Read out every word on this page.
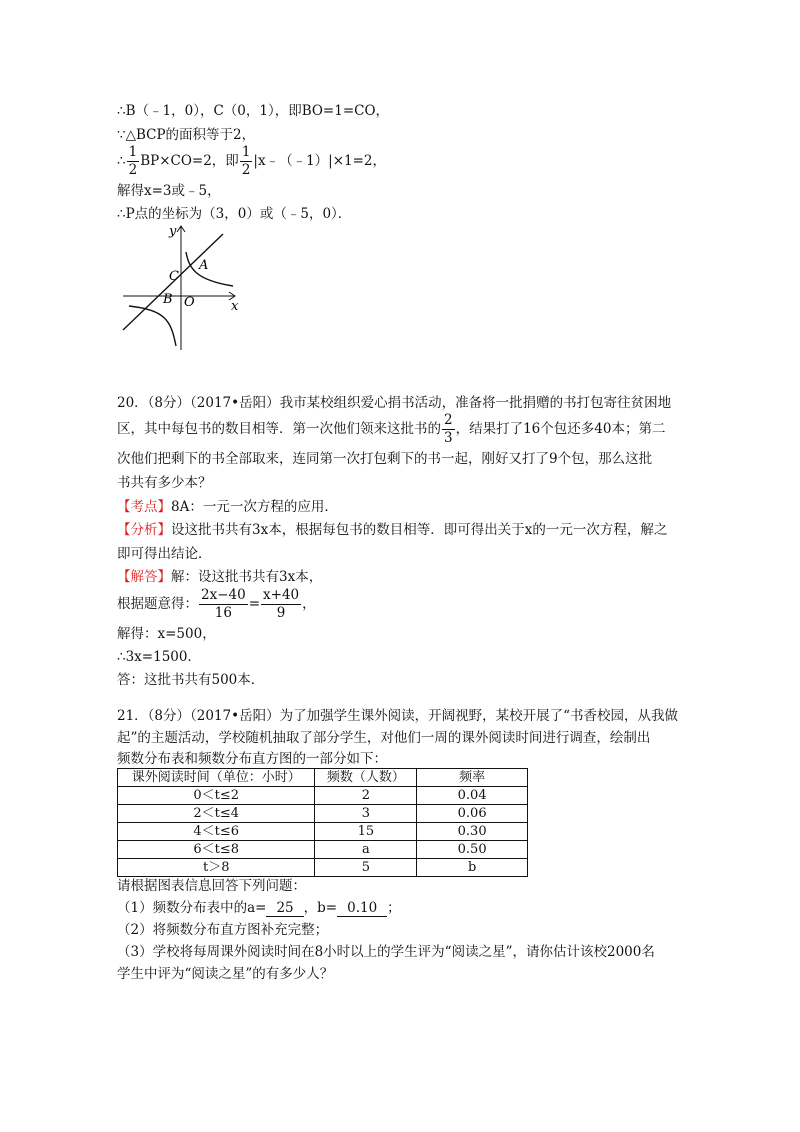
∴B（﹣1，0），C（0，1），即BO=1=CO，
∵△BCP的面积等于2，
∴ $\frac{1}{2} BP\times CO=2$，即 $\frac{1}{2}$ |x﹣（﹣1）|×1=2，
解得x=3或﹣5，
∴P点的坐标为（3，0）或（﹣5，0）．
y
x
A
C
B O
20．（8分）（2017•岳阳）我市某校组织爱心捐书活动，准备将一批捐赠的书打包寄往贫困地
区，其中每包书的数目相等．第一次他们领来这批书的 $\frac{2}{3}$ ，结果打了16个包还多40本；第二
次他们把剩下的书全部取来，连同第一次打包剩下的书一起，刚好又打了9个包，那么这批
书共有多少本？
【考点】8A：一元一次方程的应用．
【分析】设这批书共有3x本，根据每包书的数目相等．即可得出关于x的一元一次方程，解之
即可得出结论．
【解答】解：设这批书共有3x本，
根据题意得： $\frac{2x-40}{16} = \frac{x+40}{9}$ ，
解得：x=500，
∴3x=1500．
答：这批书共有500本．
21．（8分）（2017•岳阳）为了加强学生课外阅读，开阔视野，某校开展了“书香校园，从我做
起”的主题活动，学校随机抽取了部分学生，对他们一周的课外阅读时间进行调查，绘制出
频数分布表和频数分布直方图的一部分如下：
课外阅读时间（单位：小时）	频数（人数）	频率
0＜t≤2	2	0.04
2＜t≤4	3	0.06
4＜t≤6	15	0.30
6＜t≤8	a	0.50
t＞8	5	b
请根据图表信息回答下列问题：
（1）频数分布表中的a= 25 ，b= 0.10 ；
（2）将频数分布直方图补充完整；
（3）学校将每周课外阅读时间在8小时以上的学生评为“阅读之星”，请你估计该校2000名
学生中评为“阅读之星”的有多少人？
